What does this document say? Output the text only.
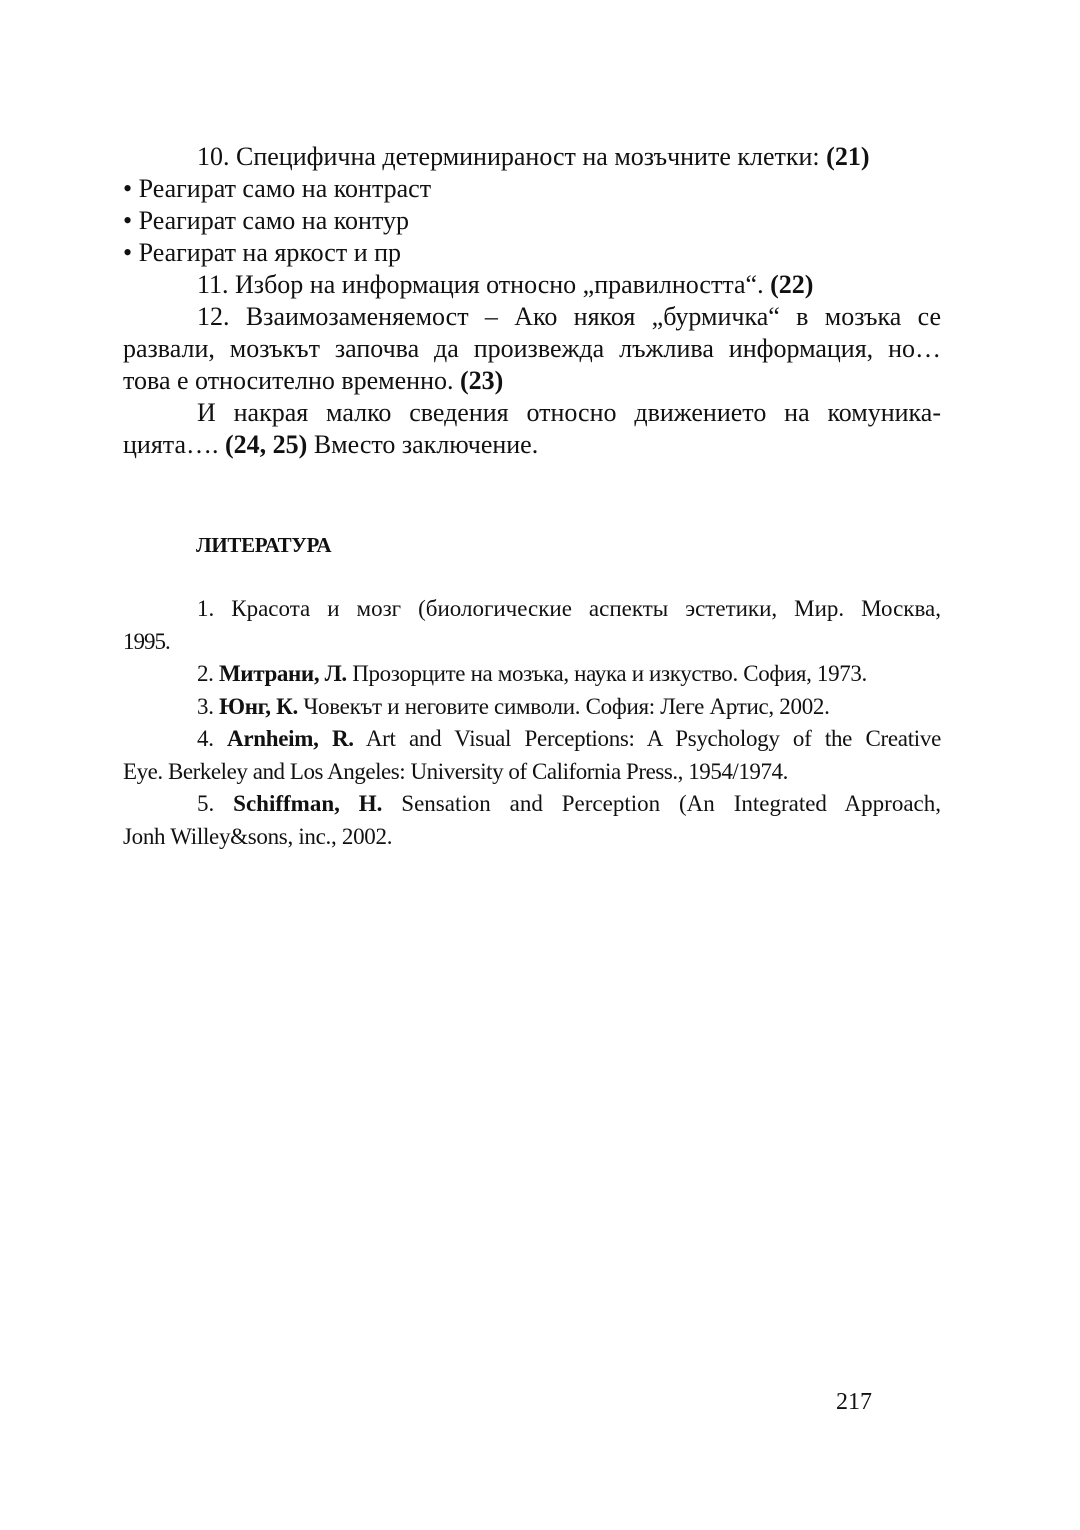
10. Специфична детерминираност на мозъчните клетки: (21)
• Реагират само на контраст
• Реагират само на контур
• Реагират на яркост и пр
11. Избор на информация относно „правилността“. (22)
12. Взаимозаменяемост – Ако някоя „бурмичка“ в мозъка се
развали, мозъкът започва да произвежда лъжлива информация, но…
това е относително временно. (23)
И накрая малко сведения относно движението на комуника-
цията…. (24, 25) Вместо заключение.
ЛИТЕРАТУРА
1. Красота и мозг (биологические аспекты эстетики, Мир. Москва,
1995.
2. Митрани, Л. Прозорците на мозъка, наука и изкуство. София, 1973.
3. Юнг, К. Човекът и неговите символи. София: Леге Артис, 2002.
4. Arnheim, R. Art and Visual Perceptions: A Psychology of the Creative
Eye. Berkeley and Los Angeles: University of California Press., 1954/1974.
5. Schiffman, H. Sensation and Perception (An Integrated Approach,
Jonh Willey&sons, inc., 2002.
217
